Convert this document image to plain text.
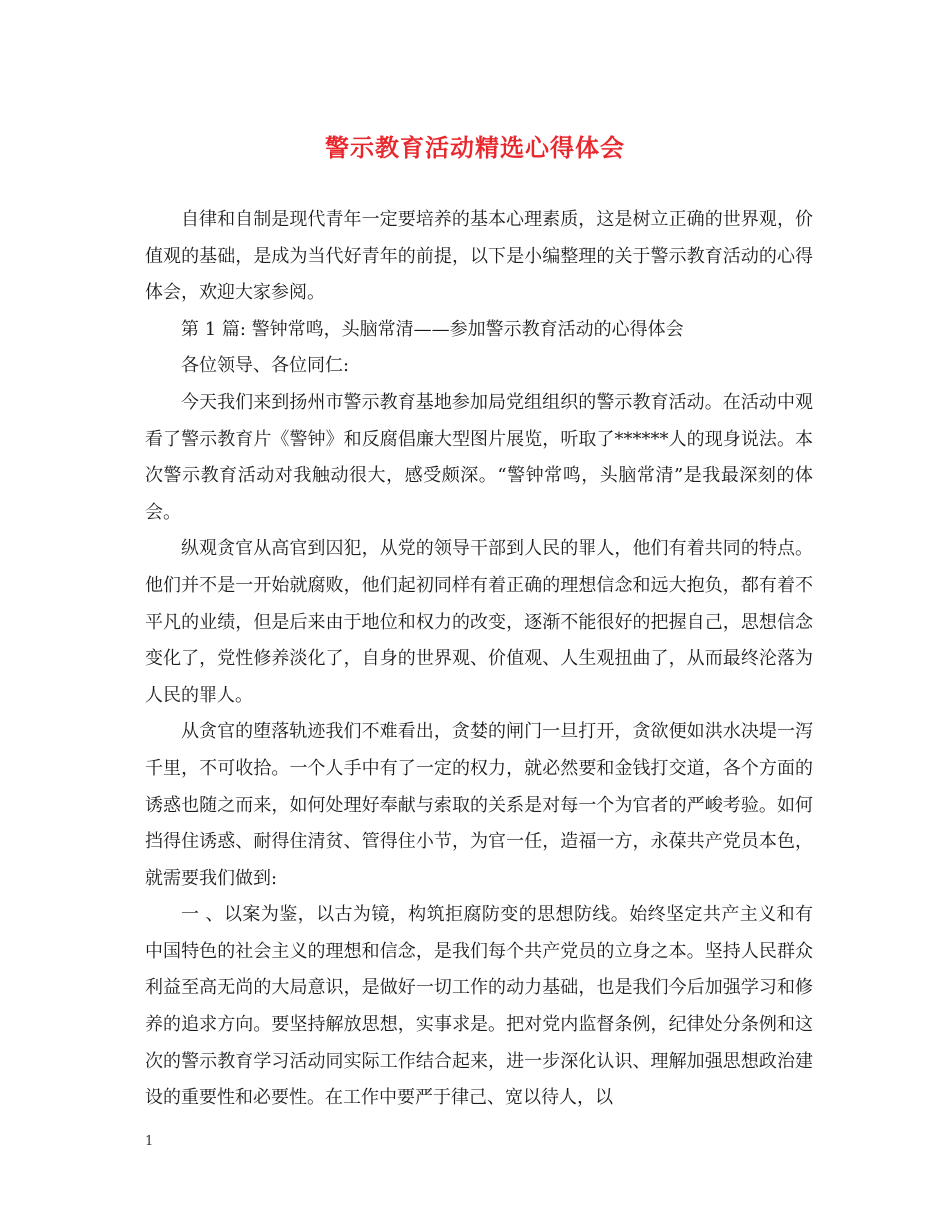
警示教育活动精选心得体会

自律和自制是现代青年一定要培养的基本心理素质，这是树立正确的世界观，价值观的基础，是成为当代好青年的前提，以下是小编整理的关于警示教育活动的心得体会，欢迎大家参阅。

第 1 篇: 警钟常鸣，头脑常清——参加警示教育活动的心得体会

各位领导、各位同仁:

今天我们来到扬州市警示教育基地参加局党组组织的警示教育活动。在活动中观看了警示教育片《警钟》和反腐倡廉大型图片展览，听取了******人的现身说法。本次警示教育活动对我触动很大，感受颇深。“警钟常鸣，头脑常清”是我最深刻的体会。

纵观贪官从高官到囚犯，从党的领导干部到人民的罪人，他们有着共同的特点。他们并不是一开始就腐败，他们起初同样有着正确的理想信念和远大抱负，都有着不平凡的业绩，但是后来由于地位和权力的改变，逐渐不能很好的把握自己，思想信念变化了，党性修养淡化了，自身的世界观、价值观、人生观扭曲了，从而最终沦落为人民的罪人。

从贪官的堕落轨迹我们不难看出，贪婪的闸门一旦打开，贪欲便如洪水决堤一泻千里，不可收拾。一个人手中有了一定的权力，就必然要和金钱打交道，各个方面的诱惑也随之而来，如何处理好奉献与索取的关系是对每一个为官者的严峻考验。如何挡得住诱惑、耐得住清贫、管得住小节，为官一任，造福一方，永葆共产党员本色，就需要我们做到:

一 、以案为鉴，以古为镜，构筑拒腐防变的思想防线。始终坚定共产主义和有中国特色的社会主义的理想和信念，是我们每个共产党员的立身之本。坚持人民群众利益至高无尚的大局意识，是做好一切工作的动力基础，也是我们今后加强学习和修养的追求方向。要坚持解放思想，实事求是。把对党内监督条例，纪律处分条例和这次的警示教育学习活动同实际工作结合起来，进一步深化认识、理解加强思想政治建设的重要性和必要性。在工作中要严于律己、宽以待人，以

1
